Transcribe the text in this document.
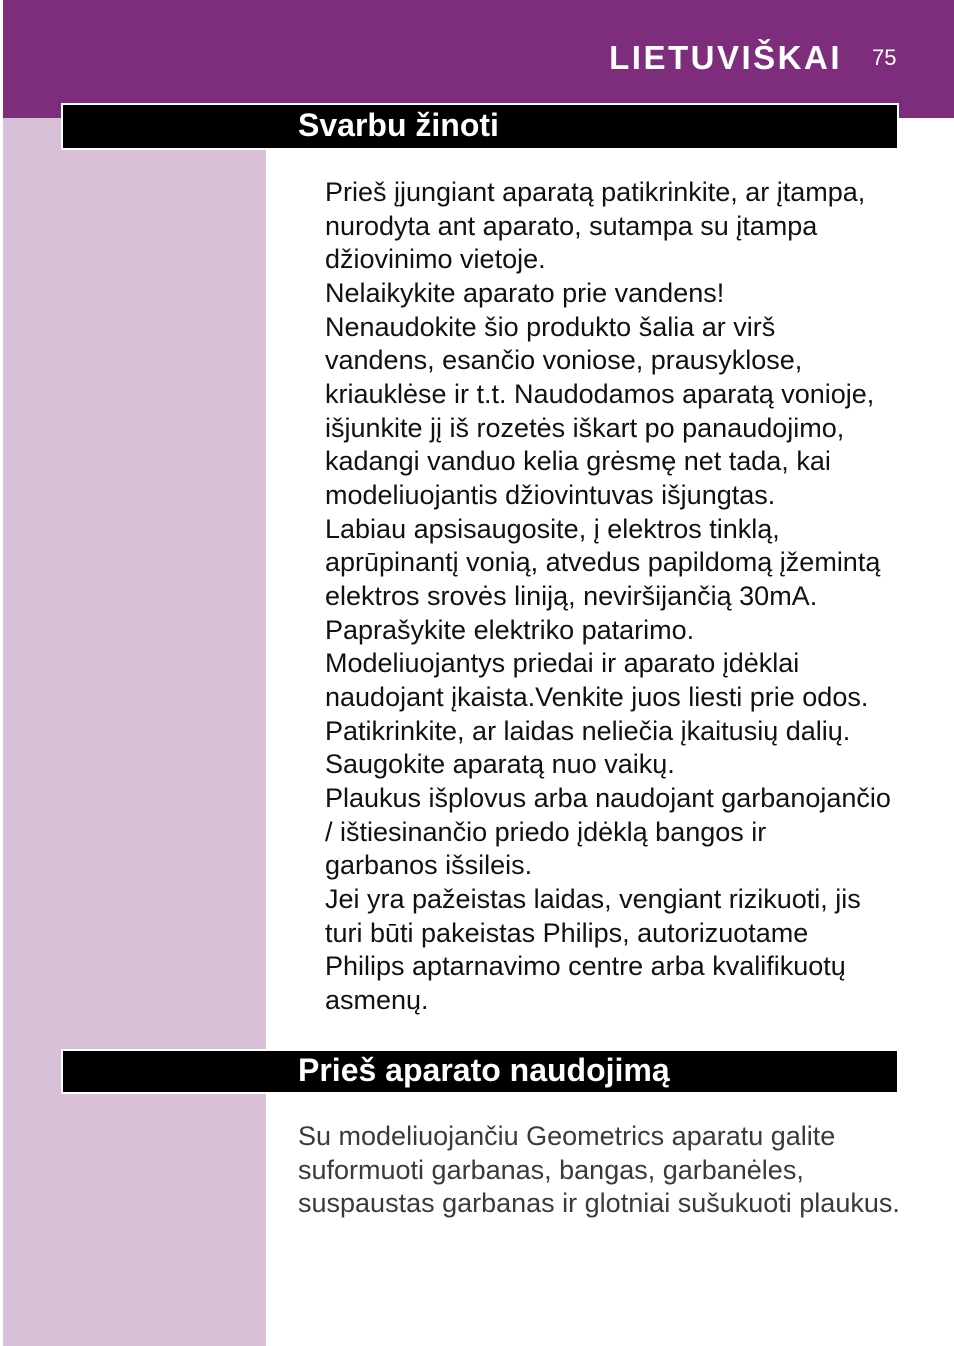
LIETUVIŠKAI 75
Svarbu žinoti
Prieš įjungiant aparatą patikrinkite, ar įtampa,
nurodyta ant aparato, sutampa su įtampa
džiovinimo vietoje.
Nelaikykite aparato prie vandens!
Nenaudokite šio produkto šalia ar virš
vandens, esančio voniose, prausyklose,
kriauklėse ir t.t. Naudodamos aparatą vonioje,
išjunkite jį iš rozetės iškart po panaudojimo,
kadangi vanduo kelia grėsmę net tada, kai
modeliuojantis džiovintuvas išjungtas.
Labiau apsisaugosite, į elektros tinklą,
aprūpinantį vonią, atvedus papildomą įžemintą
elektros srovės liniją, neviršijančią 30mA.
Paprašykite elektriko patarimo.
Modeliuojantys priedai ir aparato įdėklai
naudojant įkaista.Venkite juos liesti prie odos.
Patikrinkite, ar laidas neliečia įkaitusių dalių.
Saugokite aparatą nuo vaikų.
Plaukus išplovus arba naudojant garbanojančio
/ ištiesinančio priedo įdėklą bangos ir
garbanos išsileis.
Jei yra pažeistas laidas, vengiant rizikuoti, jis
turi būti pakeistas Philips, autorizuotame
Philips aptarnavimo centre arba kvalifikuotų
asmenų.
Prieš aparato naudojimą
Su modeliuojančiu Geometrics aparatu galite
suformuoti garbanas, bangas, garbanėles,
suspaustas garbanas ir glotniai sušukuoti plaukus.
